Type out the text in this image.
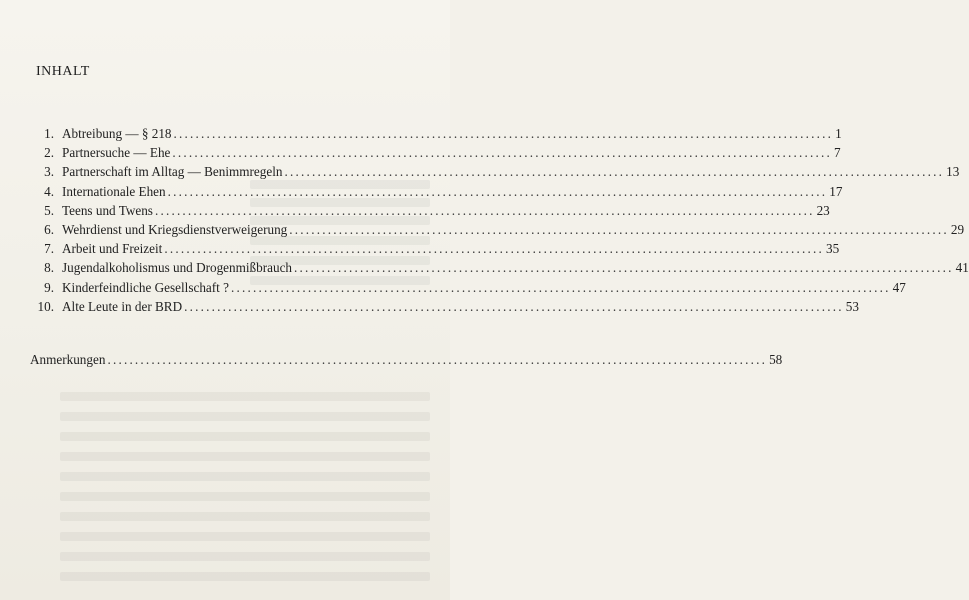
INHALT
1. Abtreibung — § 218 ........................................................................................................................ 1
2. Partnersuche — Ehe ........................................................................................................................ 7
3. Partnerschaft im Alltag — Benimmregeln ........................................................................................................................ 13
4. Internationale Ehen ........................................................................................................................ 17
5. Teens und Twens ........................................................................................................................ 23
6. Wehrdienst und Kriegsdienstverweigerung ........................................................................................................................ 29
7. Arbeit und Freizeit ........................................................................................................................ 35
8. Jugendalkoholismus und Drogenmißbrauch ........................................................................................................................ 41
9. Kinderfeindliche Gesellschaft ? ........................................................................................................................ 47
10. Alte Leute in der BRD ........................................................................................................................ 53
Anmerkungen ........................................................................................................................ 58
